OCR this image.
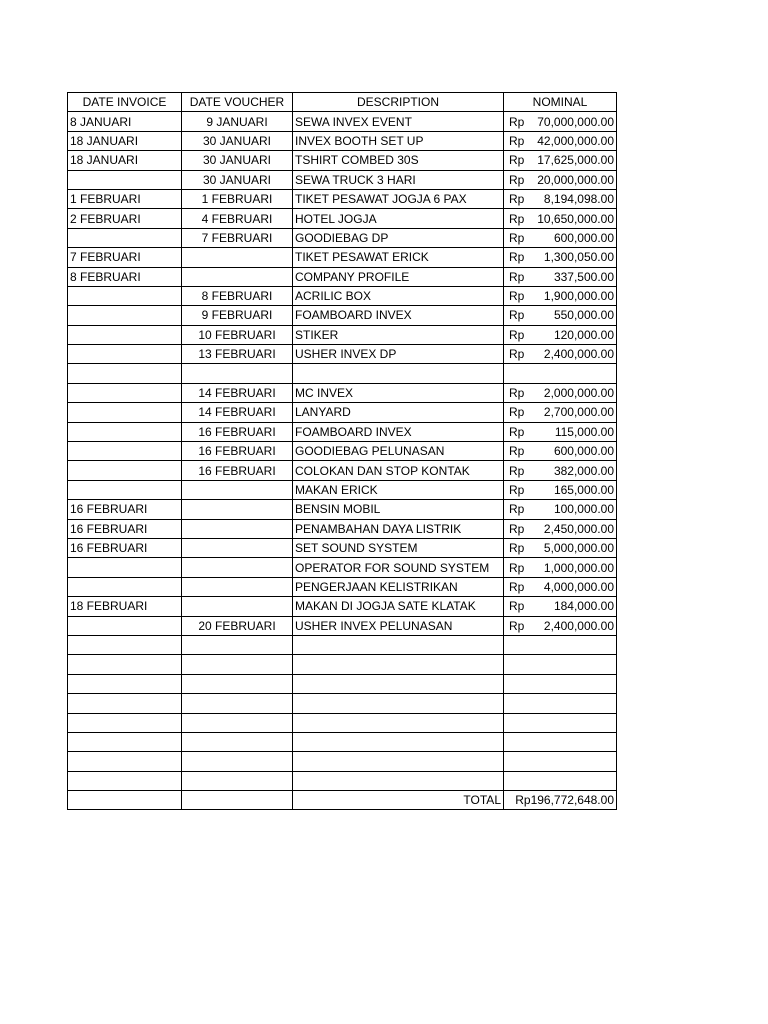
DATE INVOICE	DATE VOUCHER	DESCRIPTION	NOMINAL
8 JANUARI	9 JANUARI	SEWA INVEX EVENT	Rp 70,000,000.00

18 JANUARI	30 JANUARI	INVEX BOOTH SET UP	Rp 42,000,000.00

18 JANUARI	30 JANUARI	TSHIRT COMBED 30S	Rp 17,625,000.00

	30 JANUARI	SEWA TRUCK 3 HARI	Rp 20,000,000.00

1 FEBRUARI	1 FEBRUARI	TIKET PESAWAT JOGJA 6 PAX	Rp 8,194,098.00

2 FEBRUARI	4 FEBRUARI	HOTEL JOGJA	Rp 10,650,000.00

	7 FEBRUARI	GOODIEBAG DP	Rp 600,000.00

7 FEBRUARI		TIKET PESAWAT ERICK	Rp 1,300,050.00

8 FEBRUARI		COMPANY PROFILE	Rp 337,500.00

	8 FEBRUARI	ACRILIC BOX	Rp 1,900,000.00

	9 FEBRUARI	FOAMBOARD INVEX	Rp 550,000.00

	10 FEBRUARI	STIKER	Rp 120,000.00

	13 FEBRUARI	USHER INVEX DP	Rp 2,400,000.00

	14 FEBRUARI	MC INVEX	Rp 2,000,000.00

	14 FEBRUARI	LANYARD	Rp 2,700,000.00

	16 FEBRUARI	FOAMBOARD INVEX	Rp 115,000.00

	16 FEBRUARI	GOODIEBAG PELUNASAN	Rp 600,000.00

	16 FEBRUARI	COLOKAN DAN STOP KONTAK	Rp 382,000.00

		MAKAN ERICK	Rp 165,000.00

16 FEBRUARI		BENSIN MOBIL	Rp 100,000.00

16 FEBRUARI		PENAMBAHAN DAYA LISTRIK	Rp 2,450,000.00

16 FEBRUARI		SET SOUND SYSTEM	Rp 5,000,000.00

		OPERATOR FOR SOUND SYSTEM	Rp 1,000,000.00

		PENGERJAAN KELISTRIKAN	Rp 4,000,000.00

18 FEBRUARI		MAKAN DI JOGJA SATE KLATAK	Rp 184,000.00

	20 FEBRUARI	USHER INVEX PELUNASAN	Rp 2,400,000.00

		TOTAL	Rp196,772,648.00
